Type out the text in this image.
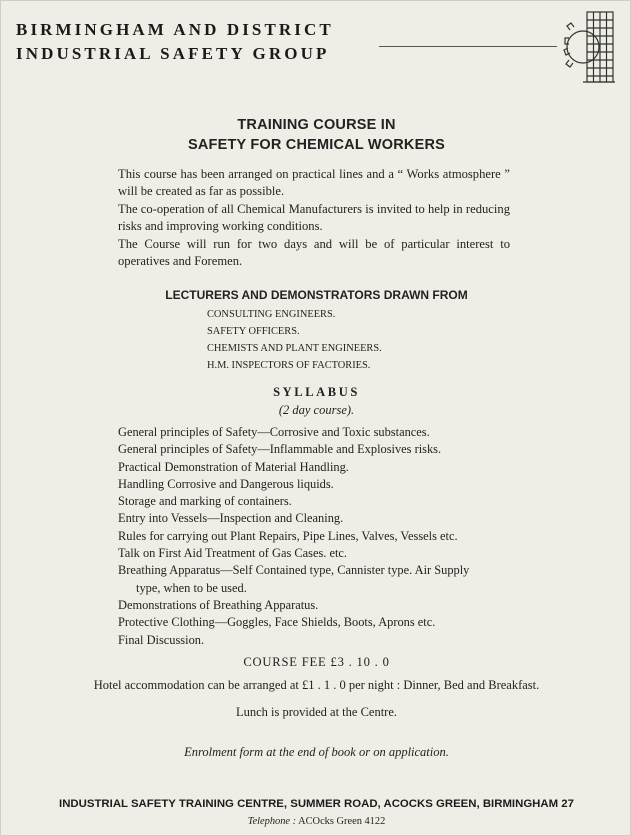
BIRMINGHAM AND DISTRICT
INDUSTRIAL SAFETY GROUP
TRAINING COURSE IN
SAFETY FOR CHEMICAL WORKERS
This course has been arranged on practical lines and a “ Works atmosphere ” will be created as far as possible.
The co-operation of all Chemical Manufacturers is invited to help in reducing risks and improving working conditions.
The Course will run for two days and will be of particular interest to operatives and Foremen.
LECTURERS AND DEMONSTRATORS DRAWN FROM
CONSULTING ENGINEERS.
SAFETY OFFICERS.
CHEMISTS AND PLANT ENGINEERS.
H.M. INSPECTORS OF FACTORIES.
SYLLABUS
(2 day course).
General principles of Safety—Corrosive and Toxic substances.
General principles of Safety—Inflammable and Explosives risks.
Practical Demonstration of Material Handling.
Handling Corrosive and Dangerous liquids.
Storage and marking of containers.
Entry into Vessels—Inspection and Cleaning.
Rules for carrying out Plant Repairs, Pipe Lines, Valves, Vessels etc.
Talk on First Aid Treatment of Gas Cases. etc.
Breathing Apparatus—Self Contained type, Cannister type. Air Supply
type, when to be used.
Demonstrations of Breathing Apparatus.
Protective Clothing—Goggles, Face Shields, Boots, Aprons etc.
Final Discussion.
COURSE FEE £3 . 10 . 0
Hotel accommodation can be arranged at £1 . 1 . 0 per night : Dinner, Bed and Breakfast.
Lunch is provided at the Centre.
Enrolment form at the end of book or on application.
INDUSTRIAL SAFETY TRAINING CENTRE, SUMMER ROAD, ACOCKS GREEN, BIRMINGHAM 27
Telephone : ACOcks Green 4122
